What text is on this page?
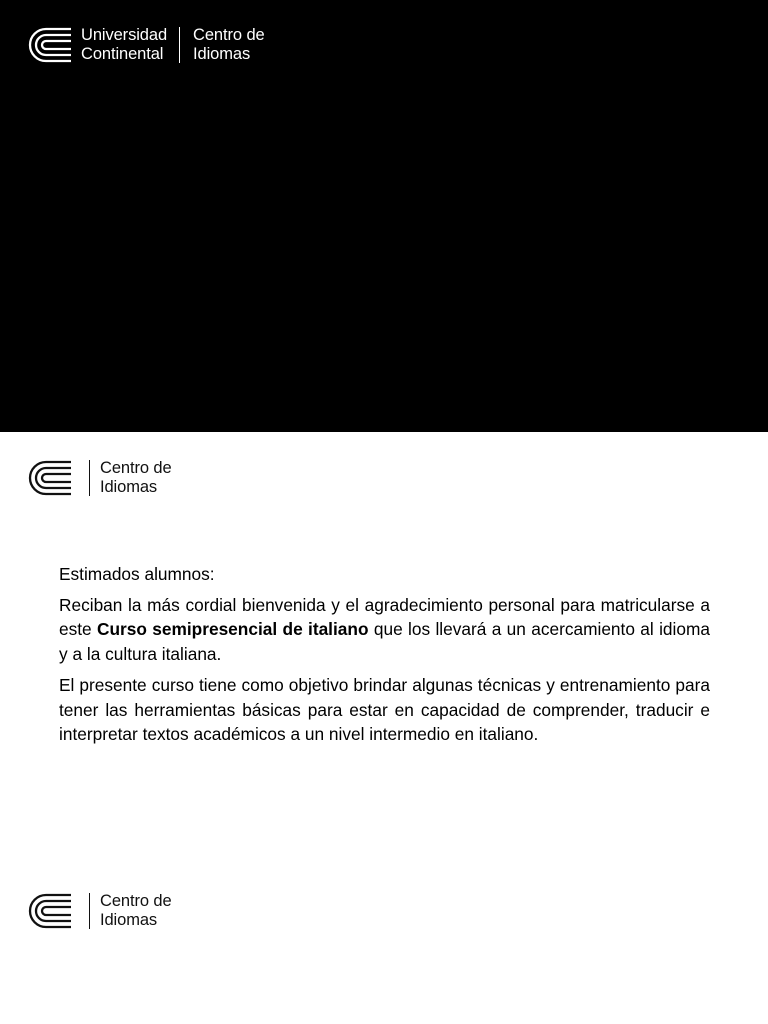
Universidad
Continental
Centro de
Idiomas
Centro de
Idiomas

Estimados alumnos:

Reciban la más cordial bienvenida y el agradecimiento personal para matricularse a este Curso semipresencial de italiano que los llevará a un acercamiento al idioma y a la cultura italiana.

El presente curso tiene como objetivo brindar algunas técnicas y entrenamiento para tener las herramientas básicas para estar en capacidad de comprender, traducir e interpretar textos académicos a un nivel intermedio en italiano.

Centro de
Idiomas
